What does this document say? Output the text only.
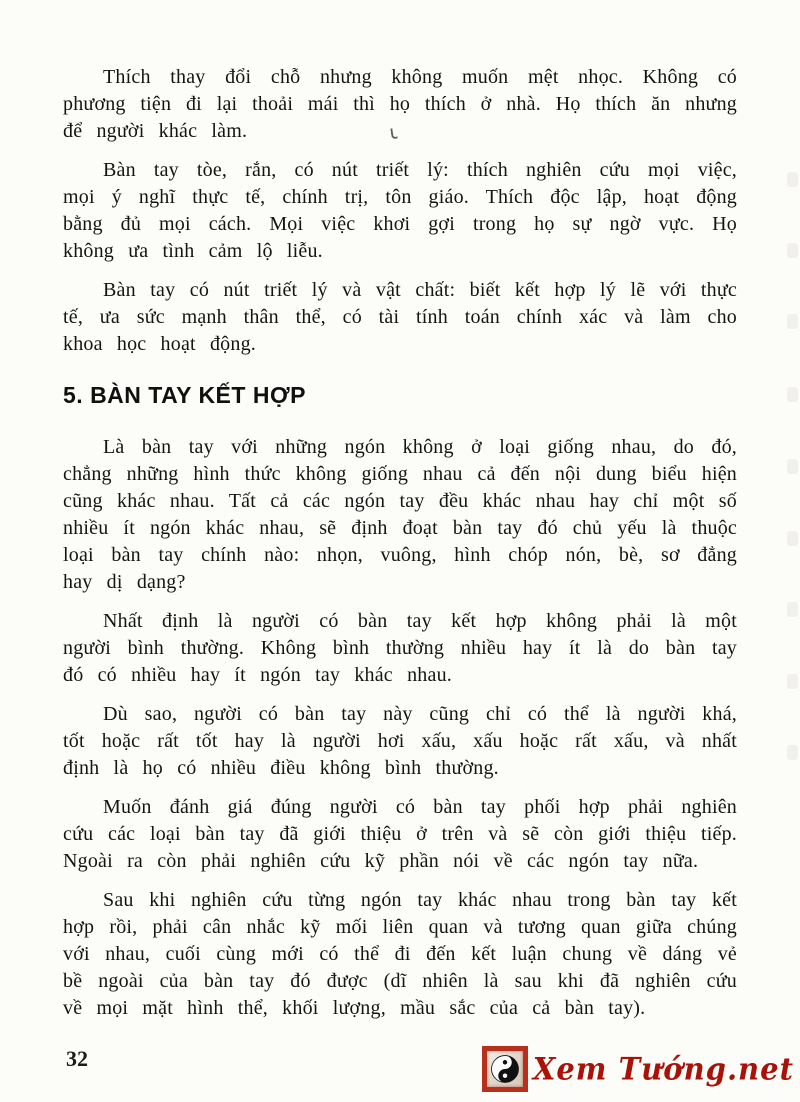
Thích thay đổi chỗ nhưng không muốn mệt nhọc. Không có phương tiện đi lại thoải mái thì họ thích ở nhà. Họ thích ăn nhưng để người khác làm.

Bàn tay tòe, rắn, có nút triết lý: thích nghiên cứu mọi việc, mọi ý nghĩ thực tế, chính trị, tôn giáo. Thích độc lập, hoạt động bằng đủ mọi cách. Mọi việc khơi gợi trong họ sự ngờ vực. Họ không ưa tình cảm lộ liễu.

Bàn tay có nút triết lý và vật chất: biết kết hợp lý lẽ với thực tế, ưa sức mạnh thân thể, có tài tính toán chính xác và làm cho khoa học hoạt động.

5. BÀN TAY KẾT HỢP

Là bàn tay với những ngón không ở loại giống nhau, do đó, chẳng những hình thức không giống nhau cả đến nội dung biểu hiện cũng khác nhau. Tất cả các ngón tay đều khác nhau hay chỉ một số nhiều ít ngón khác nhau, sẽ định đoạt bàn tay đó chủ yếu là thuộc loại bàn tay chính nào: nhọn, vuông, hình chóp nón, bè, sơ đẳng hay dị dạng?

Nhất định là người có bàn tay kết hợp không phải là một người bình thường. Không bình thường nhiều hay ít là do bàn tay đó có nhiều hay ít ngón tay khác nhau.

Dù sao, người có bàn tay này cũng chỉ có thể là người khá, tốt hoặc rất tốt hay là người hơi xấu, xấu hoặc rất xấu, và nhất định là họ có nhiều điều không bình thường.

Muốn đánh giá đúng người có bàn tay phối hợp phải nghiên cứu các loại bàn tay đã giới thiệu ở trên và sẽ còn giới thiệu tiếp. Ngoài ra còn phải nghiên cứu kỹ phần nói về các ngón tay nữa.

Sau khi nghiên cứu từng ngón tay khác nhau trong bàn tay kết hợp rồi, phải cân nhắc kỹ mối liên quan và tương quan giữa chúng với nhau, cuối cùng mới có thể đi đến kết luận chung về dáng vẻ bề ngoài của bàn tay đó được (dĩ nhiên là sau khi đã nghiên cứu về mọi mặt hình thể, khối lượng, mầu sắc của cả bàn tay).

32	Xem Tướng.net
